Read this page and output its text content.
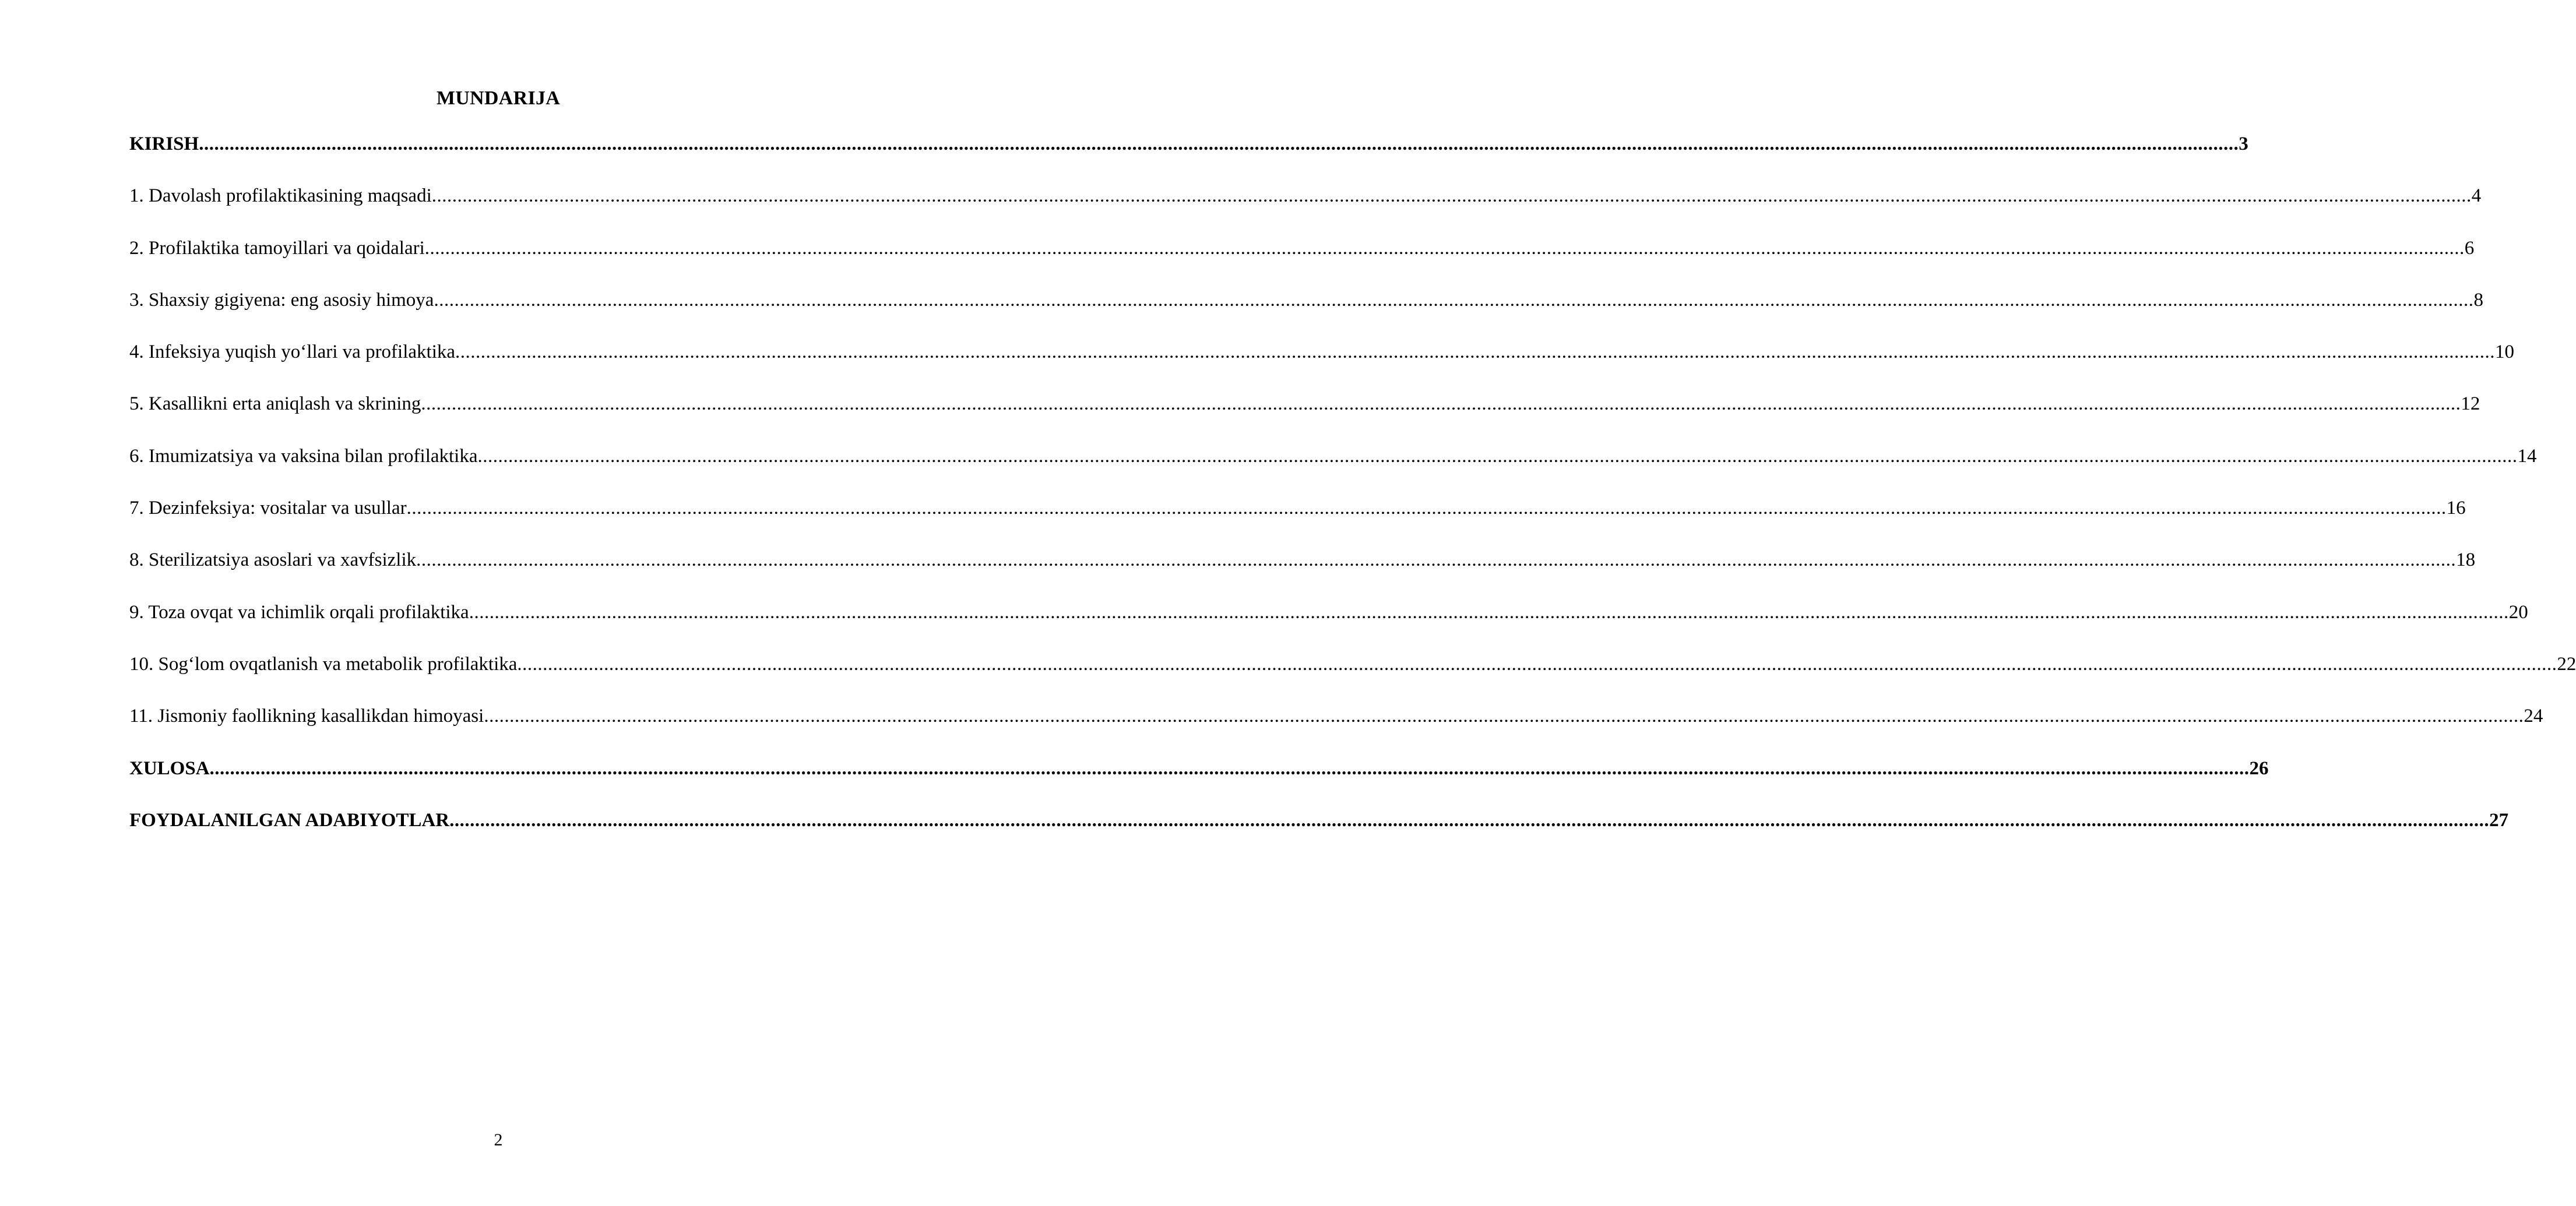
MUNDARIJA
KIRISH ................................................................................................................................................................................................................................................................................................................................................................................................................ 3
1. Davolash profilaktikasining maqsadi ................................................................................................................................................................................................................................................................................................................................................................................................................ 4
2. Profilaktika tamoyillari va qoidalari ................................................................................................................................................................................................................................................................................................................................................................................................................ 6
3. Shaxsiy gigiyena: eng asosiy himoya ................................................................................................................................................................................................................................................................................................................................................................................................................ 8
4. Infeksiya yuqish yo‘llari va profilaktika ................................................................................................................................................................................................................................................................................................................................................................................................................ 10
5. Kasallikni erta aniqlash va skrining ................................................................................................................................................................................................................................................................................................................................................................................................................ 12
6. Imumizatsiya va vaksina bilan profilaktika ................................................................................................................................................................................................................................................................................................................................................................................................................ 14
7. Dezinfeksiya: vositalar va usullar ................................................................................................................................................................................................................................................................................................................................................................................................................ 16
8. Sterilizatsiya asoslari va xavfsizlik ................................................................................................................................................................................................................................................................................................................................................................................................................ 18
9. Toza ovqat va ichimlik orqali profilaktika ................................................................................................................................................................................................................................................................................................................................................................................................................ 20
10. Sog‘lom ovqatlanish va metabolik profilaktika ................................................................................................................................................................................................................................................................................................................................................................................................................ 22
11. Jismoniy faollikning kasallikdan himoyasi ................................................................................................................................................................................................................................................................................................................................................................................................................ 24
XULOSA ................................................................................................................................................................................................................................................................................................................................................................................................................ 26
FOYDALANILGAN ADABIYOTLAR ................................................................................................................................................................................................................................................................................................................................................................................................................ 27
2
